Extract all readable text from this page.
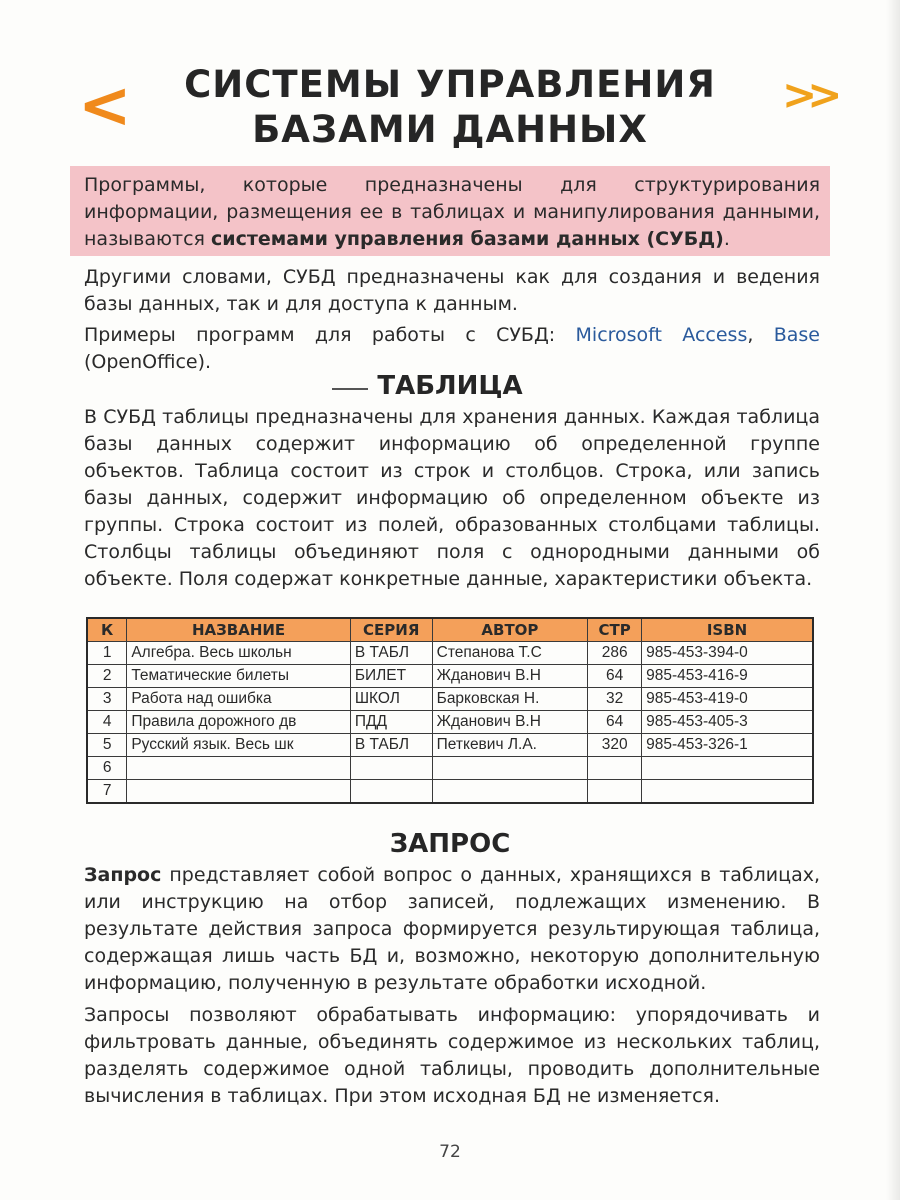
<	>>
СИСТЕМЫ УПРАВЛЕНИЯ
БАЗАМИ ДАННЫХ
Программы, которые предназначены для структурирования информации, размещения ее в таблицах и манипулирования данными, называются системами управления базами данных (СУБД).
Другими словами, СУБД предназначены как для создания и ведения базы данных, так и для доступа к данным.
Примеры программ для работы с СУБД: Microsoft Access, Base (OpenOffice).
ТАБЛИЦА
В СУБД таблицы предназначены для хранения данных. Каждая таблица базы данных содержит информацию об определенной группе объектов. Таблица состоит из строк и столбцов. Строка, или запись базы данных, содержит информацию об определенном объекте из группы. Строка состоит из полей, образованных столбцами таблицы. Столбцы таблицы объединяют поля с однородными данными об объекте. Поля содержат конкретные данные, характеристики объекта.
К	НАЗВАНИЕ	СЕРИЯ	АВТОР	СТР	ISBN
1	Алгебра. Весь школьн	В ТАБЛ	Степанова Т.С	286	985-453-394-0
2	Тематические билеты	БИЛЕТ	Жданович В.Н	64	985-453-416-9
3	Работа над ошибка	ШКОЛ	Барковская Н.	32	985-453-419-0
4	Правила дорожного дв	ПДД	Жданович В.Н	64	985-453-405-3
5	Русский язык. Весь шк	В ТАБЛ	Петкевич Л.А.	320	985-453-326-1
6					
7					
ЗАПРОС
Запрос представляет собой вопрос о данных, хранящихся в таблицах, или инструкцию на отбор записей, подлежащих изменению. В результате действия запроса формируется результирующая таблица, содержащая лишь часть БД и, возможно, некоторую дополнительную информацию, полученную в результате обработки исходной.
Запросы позволяют обрабатывать информацию: упорядочивать и фильтровать данные, объединять содержимое из нескольких таблиц, разделять содержимое одной таблицы, проводить дополнительные вычисления в таблицах. При этом исходная БД не изменяется.
72
